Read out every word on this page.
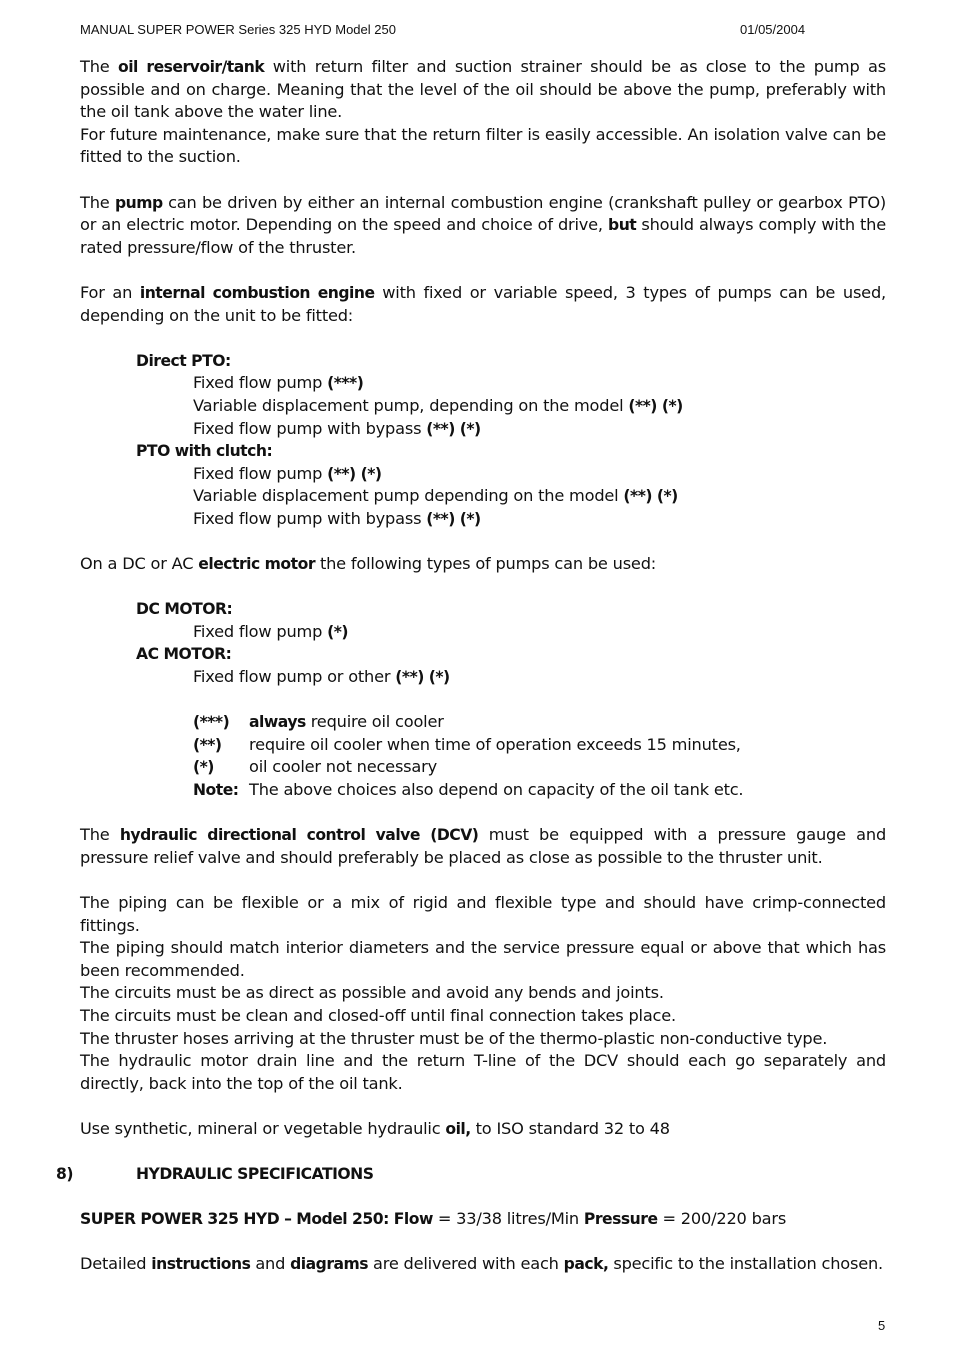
MANUAL SUPER POWER Series 325 HYD Model 250	01/05/2004

The oil reservoir/tank with return filter and suction strainer should be as close to the pump as possible and on charge. Meaning that the level of the oil should be above the pump, preferably with the oil tank above the water line.

For future maintenance, make sure that the return filter is easily accessible. An isolation valve can be fitted to the suction.

The pump can be driven by either an internal combustion engine (crankshaft pulley or gearbox PTO) or an electric motor. Depending on the speed and choice of drive, but should always comply with the rated pressure/flow of the thruster.

For an internal combustion engine with fixed or variable speed, 3 types of pumps can be used, depending on the unit to be fitted:

Direct PTO:
Fixed flow pump (***)
Variable displacement pump, depending on the model (**) (*)
Fixed flow pump with bypass (**) (*)
PTO with clutch:
Fixed flow pump (**) (*)
Variable displacement pump depending on the model (**) (*)
Fixed flow pump with bypass (**) (*)

On a DC or AC electric motor the following types of pumps can be used:

DC MOTOR:
Fixed flow pump (*)
AC MOTOR:
Fixed flow pump or other (**) (*)
(***)	always require oil cooler
(**)	require oil cooler when time of operation exceeds 15 minutes,
(*)	oil cooler not necessary
Note: The above choices also depend on capacity of the oil tank etc.

The hydraulic directional control valve (DCV) must be equipped with a pressure gauge and pressure relief valve and should preferably be placed as close as possible to the thruster unit.

The piping can be flexible or a mix of rigid and flexible type and should have crimp-connected fittings.

The piping should match interior diameters and the service pressure equal or above that which has been recommended.

The circuits must be as direct as possible and avoid any bends and joints.

The circuits must be clean and closed-off until final connection takes place.

The thruster hoses arriving at the thruster must be of the thermo-plastic non-conductive type.

The hydraulic motor drain line and the return T-line of the DCV should each go separately and directly, back into the top of the oil tank.

Use synthetic, mineral or vegetable hydraulic oil, to ISO standard 32 to 48

8)	HYDRAULIC SPECIFICATIONS

SUPER POWER 325 HYD – Model 250: Flow = 33/38 litres/Min Pressure = 200/220 bars

Detailed instructions and diagrams are delivered with each pack, specific to the installation chosen.

5
